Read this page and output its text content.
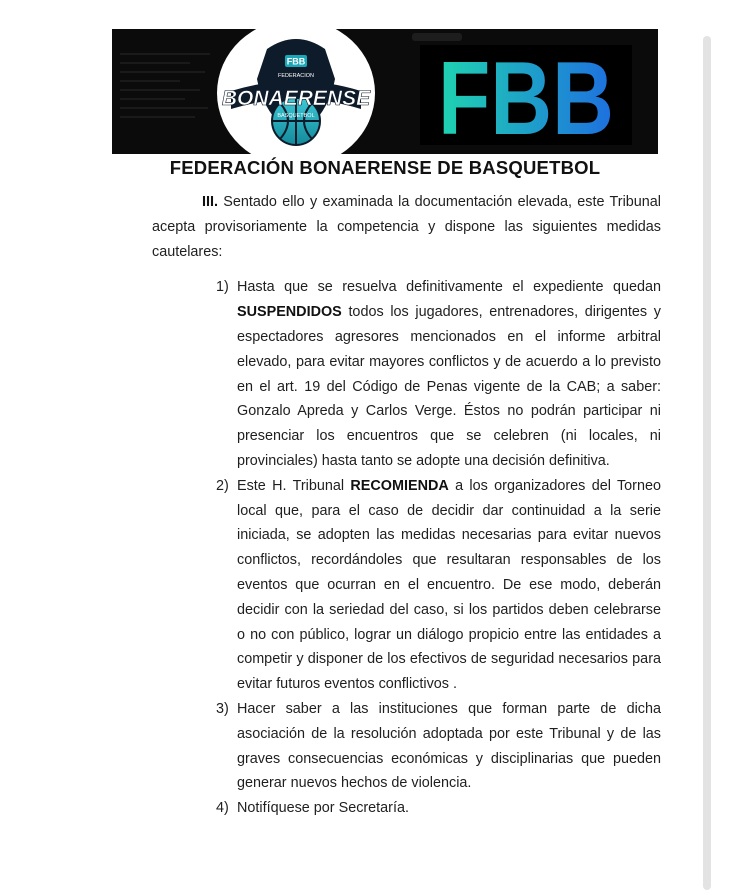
FBB
FEDERACION
BONAERENSE
BASQUETBOL FBB
FEDERACIÓN BONAERENSE DE BASQUETBOL

III. Sentado ello y examinada la documentación elevada, este Tribunal acepta provisoriamente la competencia y dispone las siguientes medidas cautelares:

1) Hasta que se resuelva definitivamente el expediente quedan SUSPENDIDOS todos los jugadores, entrenadores, dirigentes y espectadores agresores mencionados en el informe arbitral elevado, para evitar mayores conflictos y de acuerdo a lo previsto en el art. 19 del Código de Penas vigente de la CAB; a saber: Gonzalo Apreda y Carlos Verge. Éstos no podrán participar ni presenciar los encuentros que se celebren (ni locales, ni provinciales) hasta tanto se adopte una decisión definitiva.
2) Este H. Tribunal RECOMIENDA a los organizadores del Torneo local que, para el caso de decidir dar continuidad a la serie iniciada, se adopten las medidas necesarias para evitar nuevos conflictos, recordándoles que resultaran responsables de los eventos que ocurran en el encuentro. De ese modo, deberán decidir con la seriedad del caso, si los partidos deben celebrarse o no con público, lograr un diálogo propicio entre las entidades a competir y disponer de los efectivos de seguridad necesarios para evitar futuros eventos conflictivos .
3) Hacer saber a las instituciones que forman parte de dicha asociación de la resolución adoptada por este Tribunal y de las graves consecuencias económicas y disciplinarias que pueden generar nuevos hechos de violencia.
4) Notifíquese por Secretaría.
